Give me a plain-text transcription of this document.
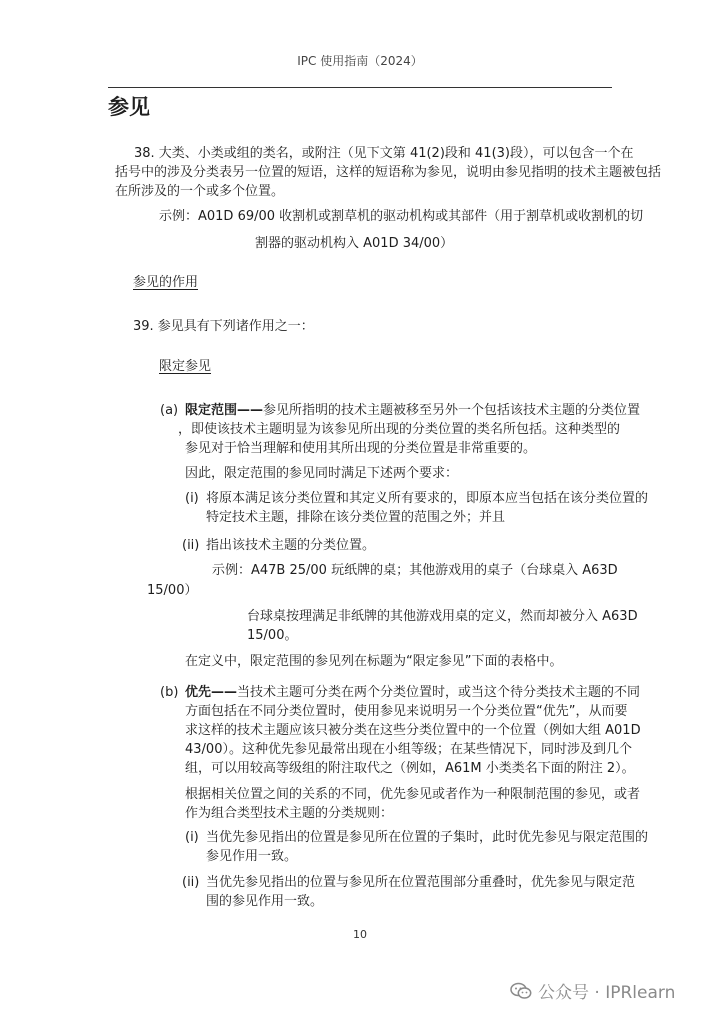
IPC 使用指南（2024）
参见
38. 大类、小类或组的类名，或附注（见下文第 41(2)段和 41(3)段），可以包含一个在
括号中的涉及分类表另一位置的短语，这样的短语称为参见，说明由参见指明的技术主题被包括
在所涉及的一个或多个位置。
示例：A01D 69/00 收割机或割草机的驱动机构或其部件（用于割草机或收割机的切
割器的驱动机构入 A01D 34/00）
参见的作用
39. 参见具有下列诸作用之一：
限定参见
(a) 限定范围——参见所指明的技术主题被移至另外一个包括该技术主题的分类位置
，即使该技术主题明显为该参见所出现的分类位置的类名所包括。这种类型的
参见对于恰当理解和使用其所出现的分类位置是非常重要的。
因此，限定范围的参见同时满足下述两个要求：
(i) 将原本满足该分类位置和其定义所有要求的，即原本应当包括在该分类位置的
特定技术主题，排除在该分类位置的范围之外；并且
(ii) 指出该技术主题的分类位置。
示例：A47B 25/00 玩纸牌的桌；其他游戏用的桌子（台球桌入 A63D
15/00）
台球桌按理满足非纸牌的其他游戏用桌的定义，然而却被分入 A63D
15/00。
在定义中，限定范围的参见列在标题为“限定参见”下面的表格中。
(b) 优先——当技术主题可分类在两个分类位置时，或当这个待分类技术主题的不同
方面包括在不同分类位置时，使用参见来说明另一个分类位置“优先”，从而要
求这样的技术主题应该只被分类在这些分类位置中的一个位置（例如大组 A01D
43/00）。这种优先参见最常出现在小组等级；在某些情况下，同时涉及到几个
组，可以用较高等级组的附注取代之（例如，A61M 小类类名下面的附注 2）。
根据相关位置之间的关系的不同，优先参见或者作为一种限制范围的参见，或者
作为组合类型技术主题的分类规则：
(i) 当优先参见指出的位置是参见所在位置的子集时，此时优先参见与限定范围的
参见作用一致。
(ii) 当优先参见指出的位置与参见所在位置范围部分重叠时，优先参见与限定范
围的参见作用一致。
10
公众号 · IPRlearn
